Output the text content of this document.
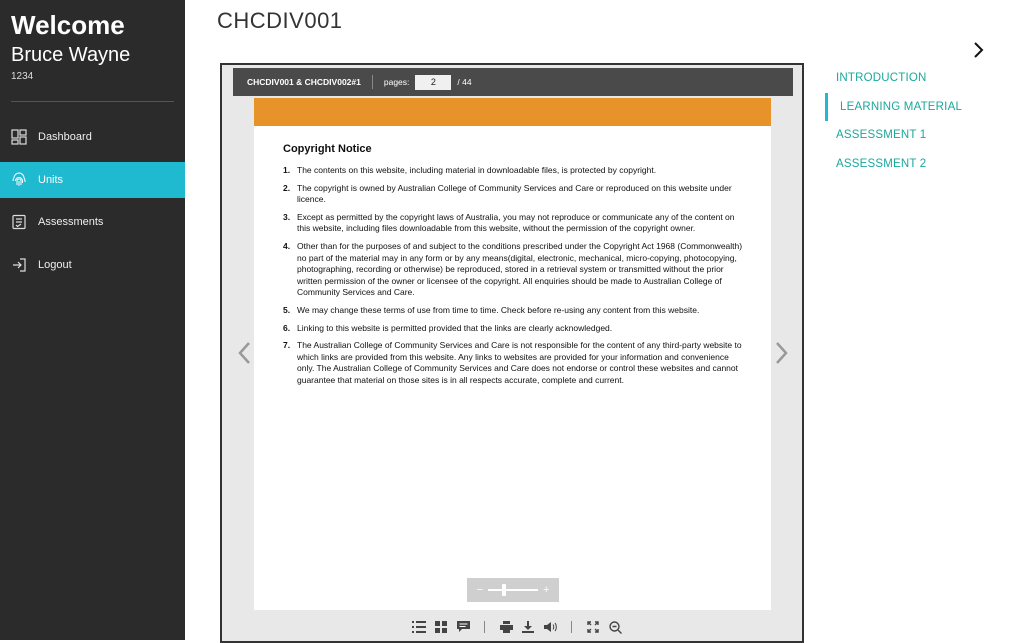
Welcome
Bruce Wayne
1234
Dashboard
Units
Assessments
Logout
CHCDIV001
CHCDIV001 & CHCDIV002#1	pages:	2	/ 44
Copyright Notice
1. The contents on this website, including material in downloadable files, is protected by copyright.
2. The copyright is owned by Australian College of Community Services and Care or reproduced on this website under licence.
3. Except as permitted by the copyright laws of Australia, you may not reproduce or communicate any of the content on this website, including files downloadable from this website, without the permission of the copyright owner.
4. Other than for the purposes of and subject to the conditions prescribed under the Copyright Act 1968 (Commonwealth) no part of the material may in any form or by any means(digital, electronic, mechanical, micro-copying, photocopying, photographing, recording or otherwise) be reproduced, stored in a retrieval system or transmitted without the prior written permission of the owner or licensee of the copyright. All enquiries should be made to Australian College of Community Services and Care.
5. We may change these terms of use from time to time. Check before re-using any content from this website.
6. Linking to this website is permitted provided that the links are clearly acknowledged.
7. The Australian College of Community Services and Care is not responsible for the content of any third-party website to which links are provided from this website. Any links to websites are provided for your information and convenience only. The Australian College of Community Services and Care does not endorse or control these websites and cannot guarantee that material on those sites is in all respects accurate, complete and current.
−	+
INTRODUCTION
LEARNING MATERIAL
ASSESSMENT 1
ASSESSMENT 2
